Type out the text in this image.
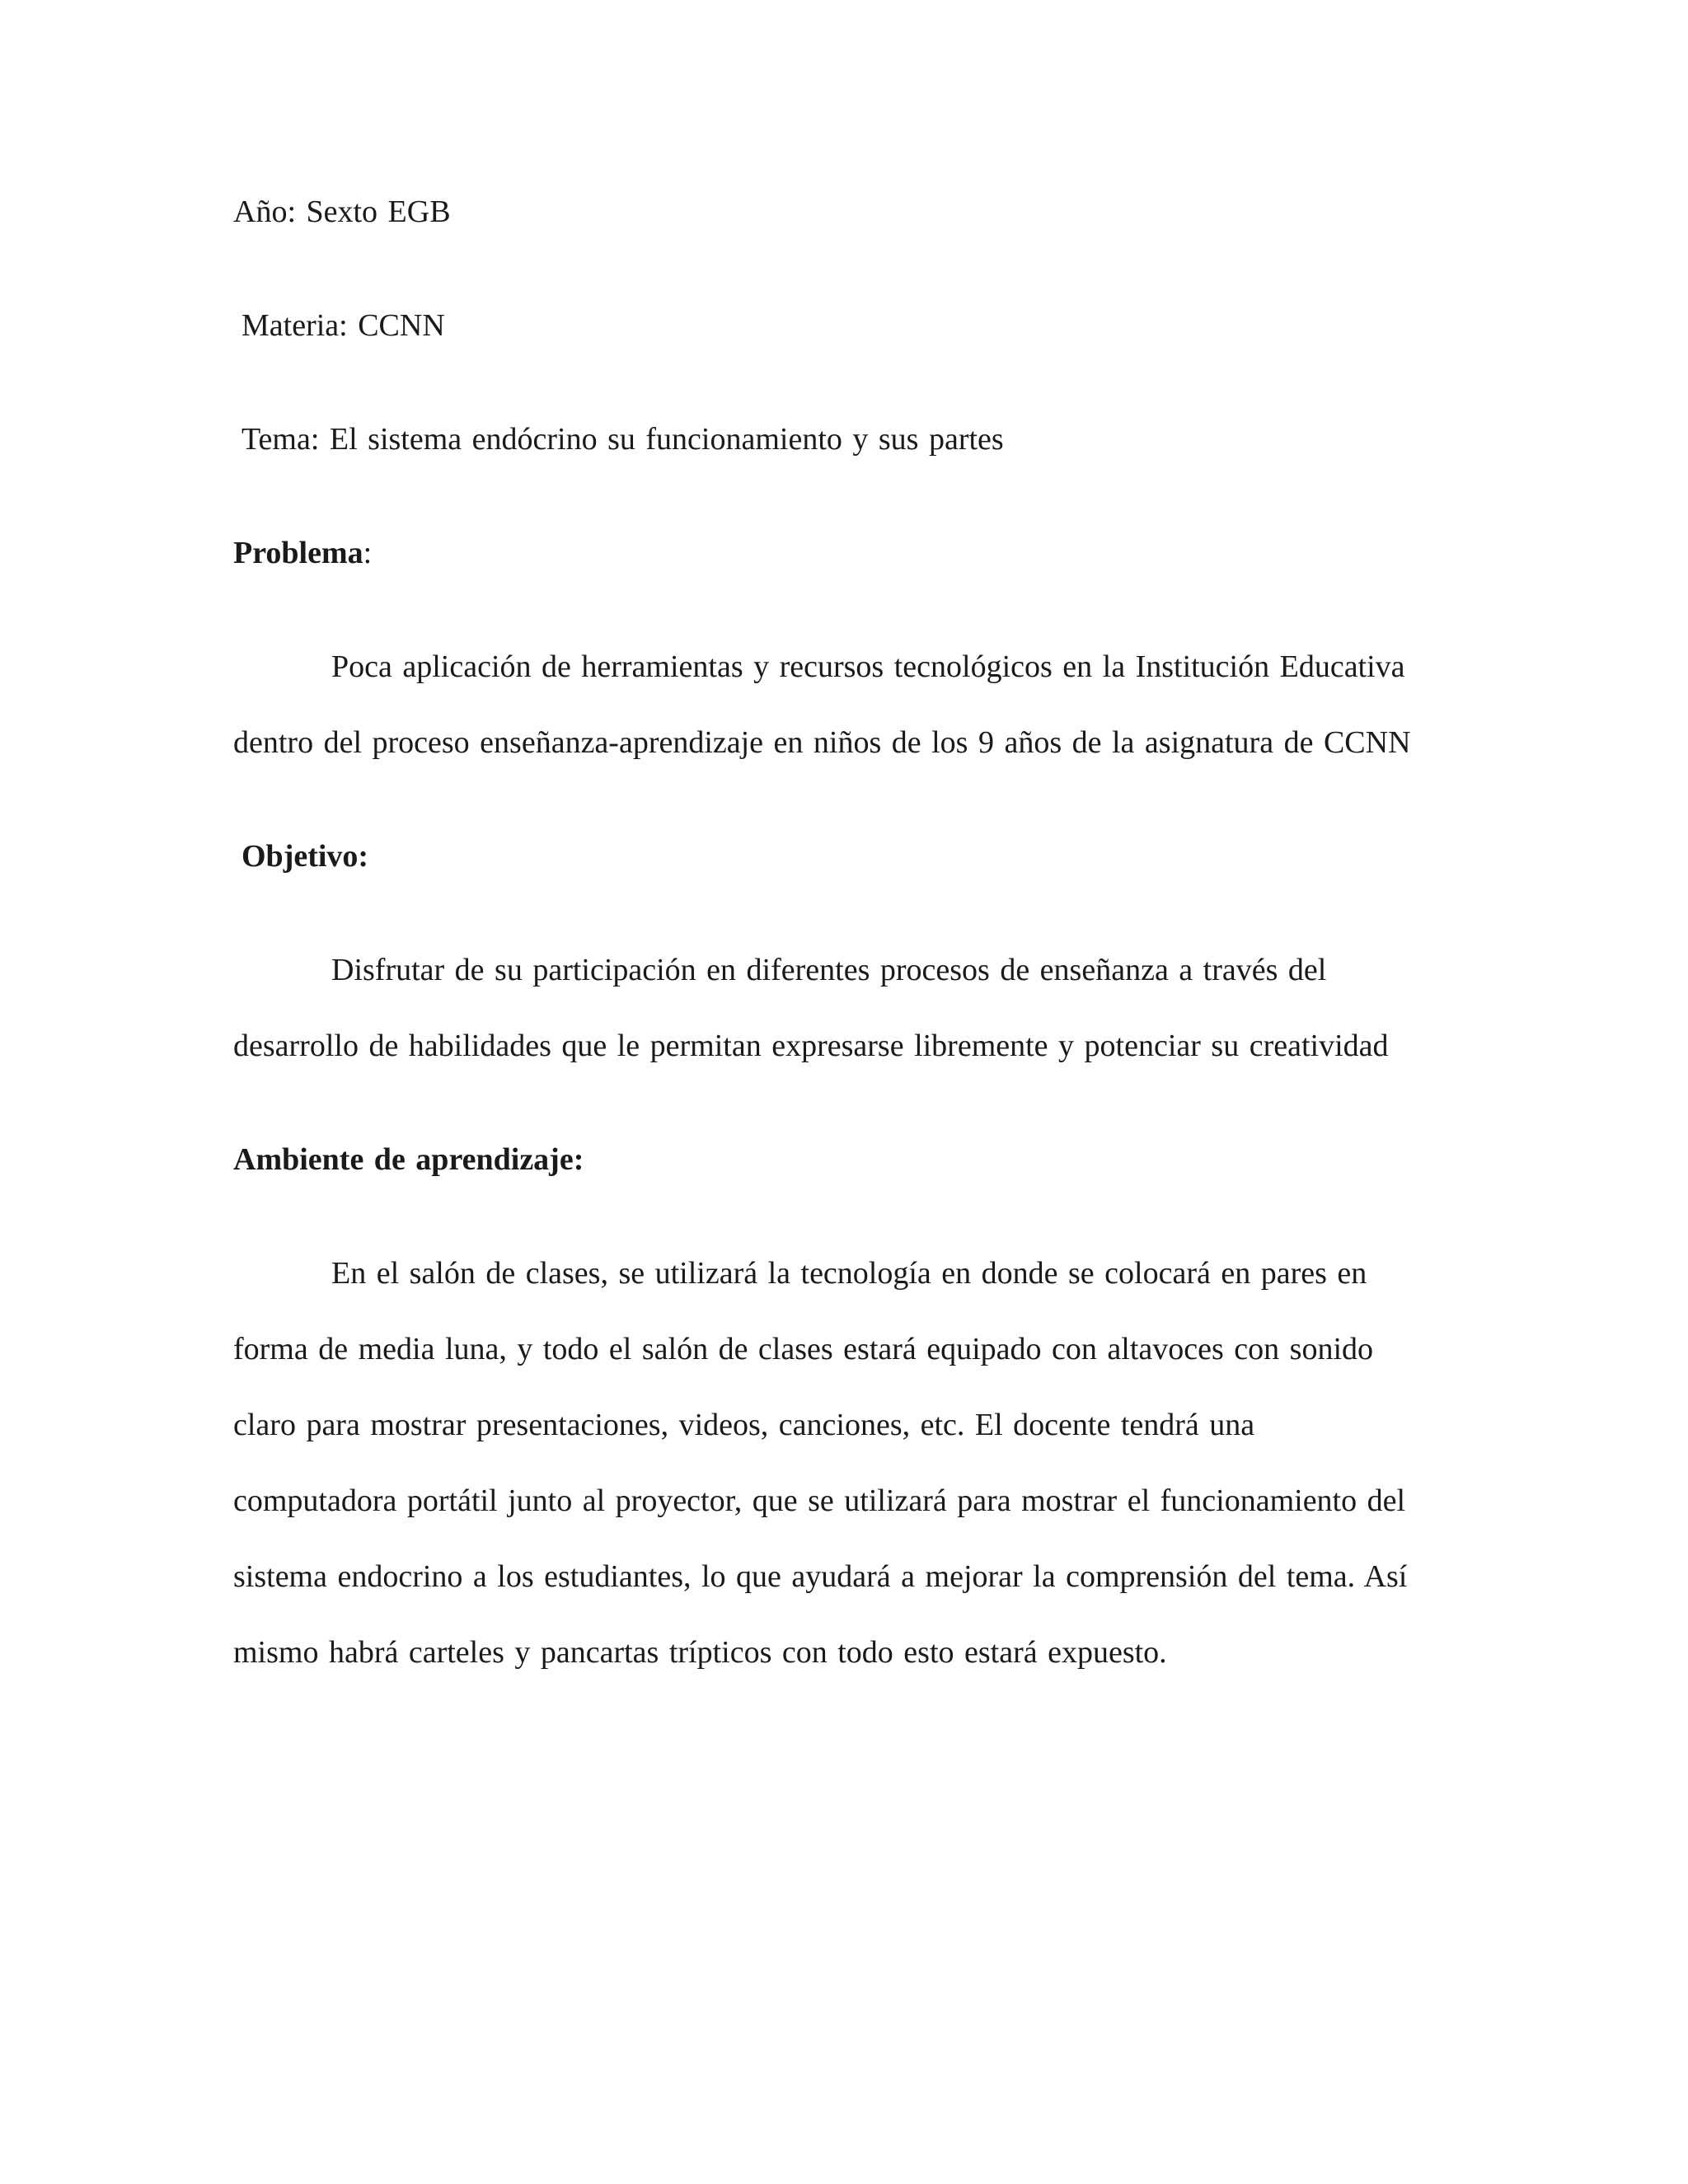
Año: Sexto EGB
Materia: CCNN
Tema: El sistema endócrino su funcionamiento y sus partes
Problema:
Poca aplicación de herramientas y recursos tecnológicos en la Institución Educativa
dentro del proceso enseñanza-aprendizaje en niños de los 9 años de la asignatura de CCNN
Objetivo:
Disfrutar de su participación en diferentes procesos de enseñanza a través del
desarrollo de habilidades que le permitan expresarse libremente y potenciar su creatividad
Ambiente de aprendizaje:
En el salón de clases, se utilizará la tecnología en donde se colocará en pares en
forma de media luna, y todo el salón de clases estará equipado con altavoces con sonido
claro para mostrar presentaciones, videos, canciones, etc. El docente tendrá una
computadora portátil junto al proyector, que se utilizará para mostrar el funcionamiento del
sistema endocrino a los estudiantes, lo que ayudará a mejorar la comprensión del tema. Así
mismo habrá carteles y pancartas trípticos con todo esto estará expuesto.
